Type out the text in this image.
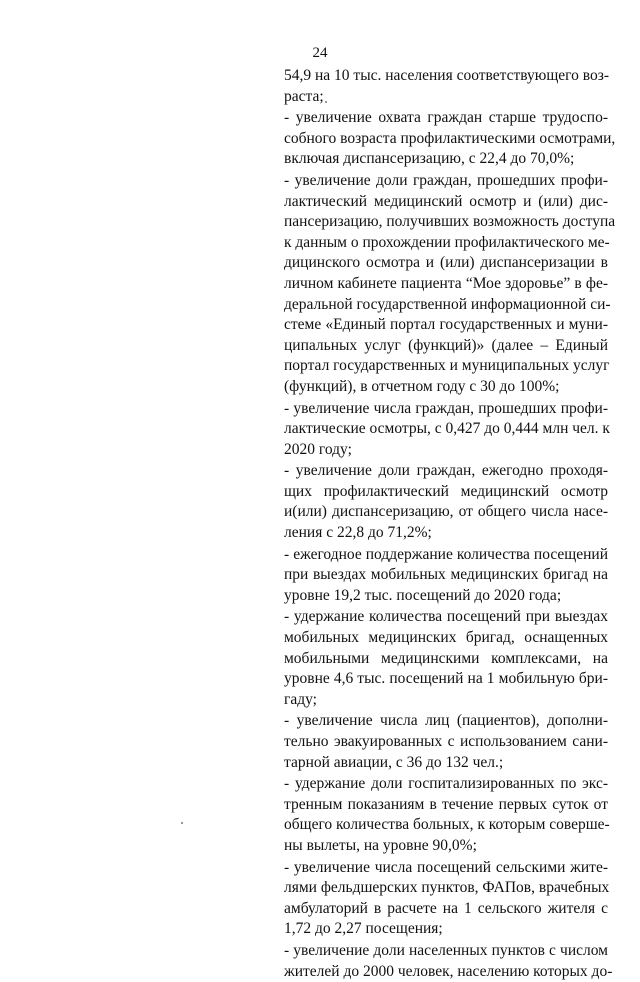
24

54,9 на 10 тыс. населения соответствующего воз-
раста;

- увеличение охвата граждан старше трудоспо-
собного возраста профилактическими осмотрами,
включая диспансеризацию, с 22,4 до 70,0%;

- увеличение доли граждан, прошедших профи-
лактический медицинский осмотр и (или) дис-
пансеризацию, получивших возможность доступа
к данным о прохождении профилактического ме-
дицинского осмотра и (или) диспансеризации в
личном кабинете пациента “Мое здоровье” в фе-
деральной государственной информационной си-
стеме «Единый портал государственных и муни-
ципальных услуг (функций)» (далее – Единый
портал государственных и муниципальных услуг
(функций), в отчетном году с 30 до 100%;

- увеличение числа граждан, прошедших профи-
лактические осмотры, с 0,427 до 0,444 млн чел. к
2020 году;

- увеличение доли граждан, ежегодно проходя-
щих профилактический медицинский осмотр
и(или) диспансеризацию, от общего числа насе-
ления с 22,8 до 71,2%;

- ежегодное поддержание количества посещений
при выездах мобильных медицинских бригад на
уровне 19,2 тыс. посещений до 2020 года;

- удержание количества посещений при выездах
мобильных медицинских бригад, оснащенных
мобильными медицинскими комплексами, на
уровне 4,6 тыс. посещений на 1 мобильную бри-
гаду;

- увеличение числа лиц (пациентов), дополни-
тельно эвакуированных с использованием сани-
тарной авиации, с 36 до 132 чел.;

- удержание доли госпитализированных по экс-
тренным показаниям в течение первых суток от
общего количества больных, к которым соверше-
ны вылеты, на уровне 90,0%;

- увеличение числа посещений сельскими жите-
лями фельдшерских пунктов, ФАПов, врачебных
амбулаторий в расчете на 1 сельского жителя с
1,72 до 2,27 посещения;

- увеличение доли населенных пунктов с числом
жителей до 2000 человек, населению которых до-
